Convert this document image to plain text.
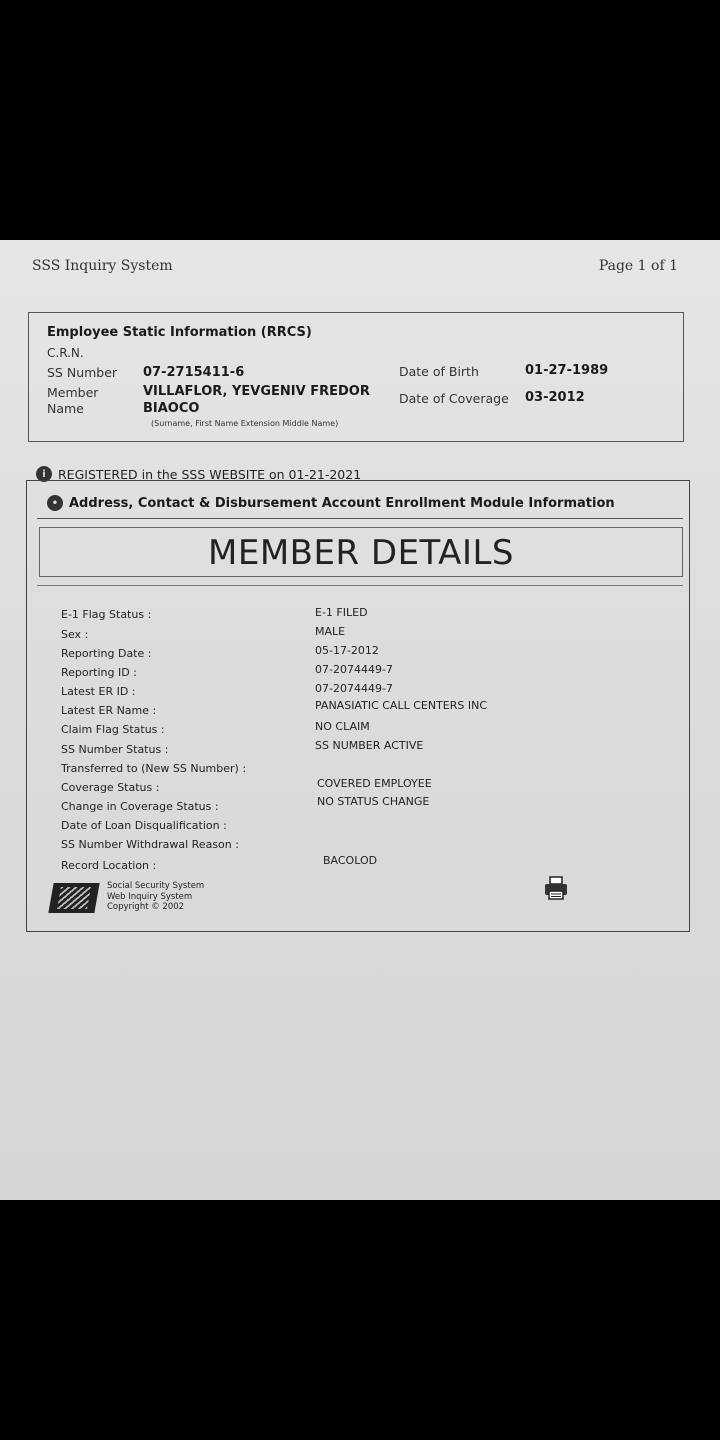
SSS Inquiry System	Page 1 of 1
Employee Static Information (RRCS)
C.R.N.
SS Number 07-2715411-6	Date of Birth	01-27-1989
Member
Name
VILLAFLOR, YEVGENIV FREDOR
BIAOCO
Date of Coverage 03-2012
(Surname, First Name Extension Middle Name)
i REGISTERED in the SSS WEBSITE on 01-21-2021
• Address, Contact & Disbursement Account Enrollment Module Information
MEMBER DETAILS
E-1 Flag Status :	E-1 FILED
Sex :	MALE
Reporting Date :	05-17-2012
Reporting ID :	07-2074449-7
Latest ER ID :	07-2074449-7
Latest ER Name :	PANASIATIC CALL CENTERS INC
Claim Flag Status :	NO CLAIM
SS Number Status :	SS NUMBER ACTIVE
Transferred to (New SS Number) :
Coverage Status :	COVERED EMPLOYEE
Change in Coverage Status :	NO STATUS CHANGE
Date of Loan Disqualification :
SS Number Withdrawal Reason :
Record Location :	BACOLOD
Social Security System
Web Inquiry System
Copyright © 2002
